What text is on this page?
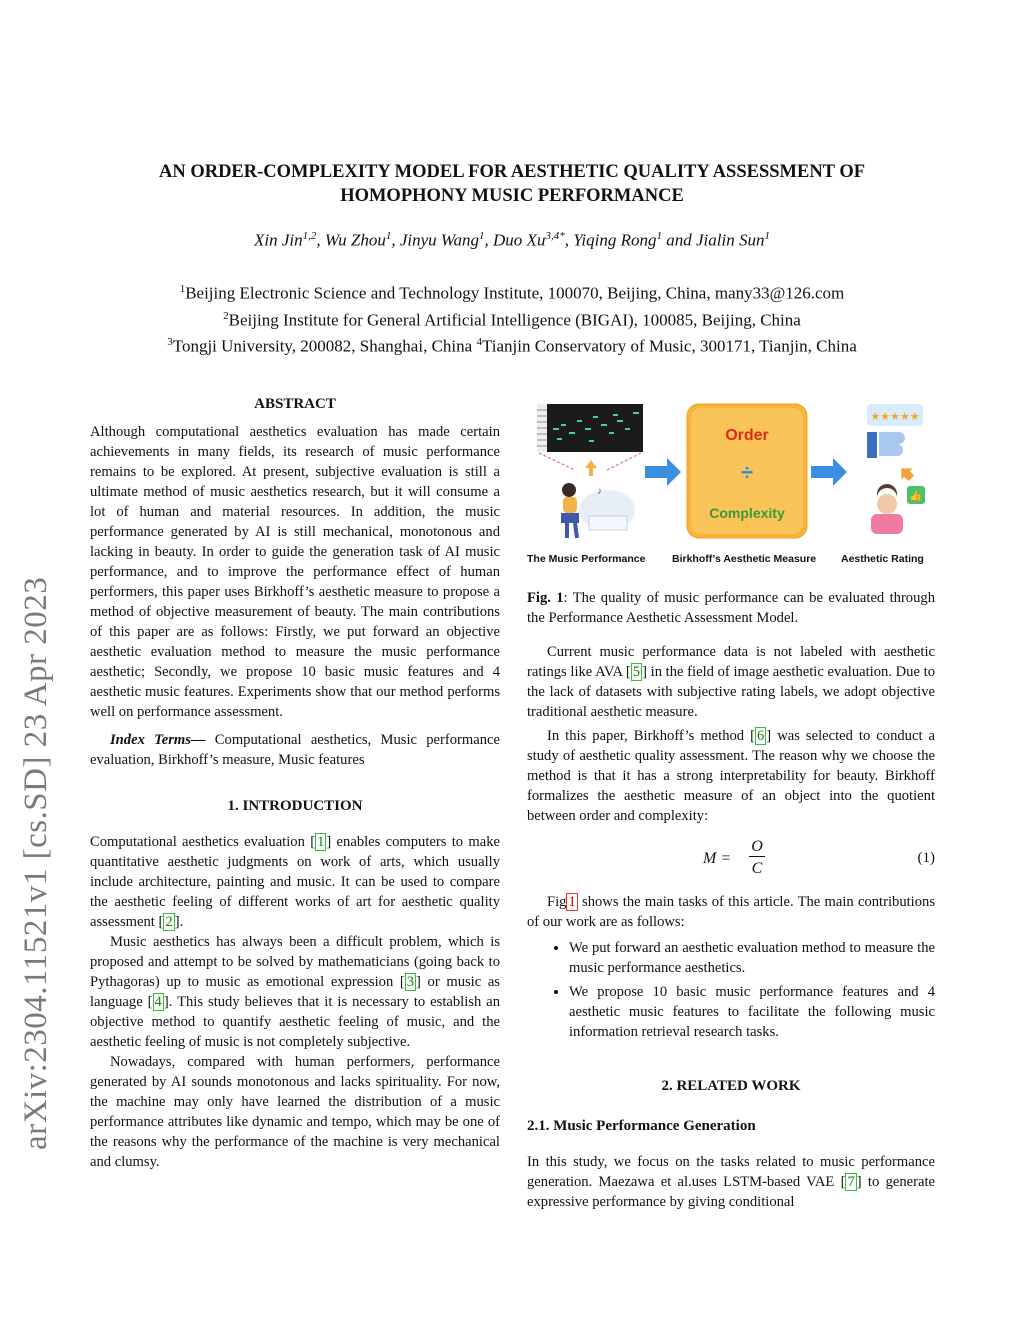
arXiv:2304.11521v1 [cs.SD] 23 Apr 2023
AN ORDER-COMPLEXITY MODEL FOR AESTHETIC QUALITY ASSESSMENT OF HOMOPHONY MUSIC PERFORMANCE
Xin Jin$^{1,2}$, Wu Zhou$^1$, Jinyu Wang$^1$, Duo $Xu^{3,4*}$, Yiqing Rong$^1$ and Jialin Sun$^1$
$^1$Beijing Electronic Science and Technology Institute, 100070, Beijing, China, many33@126.com
$^2$Beijing Institute for General Artificial Intelligence (BIGAI), 100085, Beijing, China
$^3$Tongji University, 200082, Shanghai, China $^4$Tianjin Conservatory of Music, 300171, Tianjin, China
ABSTRACT

Although computational aesthetics evaluation has made certain achievements in many fields, its research of music performance remains to be explored. At present, subjective evaluation is still a ultimate method of music aesthetics research, but it will consume a lot of human and material resources. In addition, the music performance generated by AI is still mechanical, monotonous and lacking in beauty. In order to guide the generation task of AI music performance, and to improve the performance effect of human performers, this paper uses Birkhoff’s aesthetic measure to propose a method of objective measurement of beauty. The main contributions of this paper are as follows: Firstly, we put forward an objective aesthetic evaluation method to measure the music performance aesthetic; Secondly, we propose 10 basic music features and 4 aesthetic music features. Experiments show that our method performs well on performance assessment.

Index Terms— Computational aesthetics, Music performance evaluation, Birkhoff’s measure, Music features

1. INTRODUCTION

Computational aesthetics evaluation [ 1 ] enables computers to make quantitative aesthetic judgments on work of arts, which usually include architecture, painting and music. It can be used to compare the aesthetic feeling of different works of art for aesthetic quality assessment [ 2 ].

Music aesthetics has always been a difficult problem, which is proposed and attempt to be solved by mathematicians (going back to Pythagoras) up to music as emotional expression [ 3 ] or music as language [ 4 ]. This study believes that it is necessary to establish an objective method to quantify aesthetic feeling of music, and the aesthetic feeling of music is not completely subjective.

Nowadays, compared with human performers, performance generated by AI sounds monotonous and lacks spirituality. For now, the machine may only have learned the distribution of a music performance attributes like dynamic and tempo, which may be one of the reasons why the performance of the machine is very mechanical and clumsy.

♪
Order
÷
Complexity
★★★★★
👍
The Music Performance	Birkhoff’s Aesthetic Measure Aesthetic Rating

Fig. 1: The quality of music performance can be evaluated through the Performance Aesthetic Assessment Model.

Current music performance data is not labeled with aesthetic ratings like AVA [ 5 ] in the field of image aesthetic evaluation. Due to the lack of datasets with subjective rating labels, we adopt objective traditional aesthetic measure.

In this paper, Birkhoff’s method [ 6 ] was selected to conduct a study of aesthetic quality assessment. The reason why we choose the method is that it has a strong interpretability for beauty. Birkhoff formalizes the aesthetic measure of an object into the quotient between order and complexity:

M =
O
C
(1)

Fig 1 shows the main tasks of this article. The main contributions of our work are as follows:

• We put forward an aesthetic evaluation method to measure the music performance aesthetics.
• We propose 10 basic music performance features and 4 aesthetic music features to facilitate the following music information retrieval research tasks.
2. RELATED WORK
2.1. Music Performance Generation

In this study, we focus on the tasks related to music performance generation. Maezawa et al.uses LSTM-based VAE [ 7 ] to generate expressive performance by giving conditional
